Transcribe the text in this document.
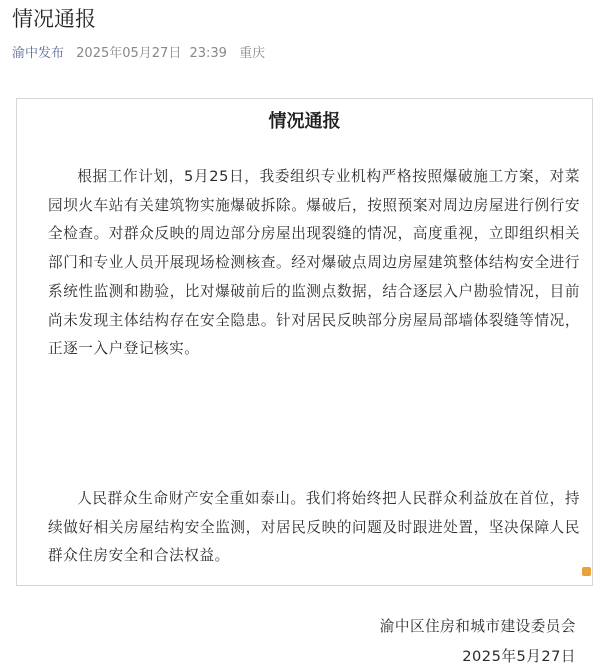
情况通报
渝中发布 2025年05月27日 23:39 重庆
情况通报

根据工作计划，5月25日，我委组织专业机构严格按照爆破施工方案，对菜园坝火车站有关建筑物实施爆破拆除。爆破后，按照预案对周边房屋进行例行安全检查。对群众反映的周边部分房屋出现裂缝的情况，高度重视，立即组织相关部门和专业人员开展现场检测核查。经对爆破点周边房屋建筑整体结构安全进行系统性监测和勘验，比对爆破前后的监测点数据，结合逐层入户勘验情况，目前尚未发现主体结构存在安全隐患。针对居民反映部分房屋局部墙体裂缝等情况，正逐一入户登记核实。

人民群众生命财产安全重如泰山。我们将始终把人民群众利益放在首位，持续做好相关房屋结构安全监测，对居民反映的问题及时跟进处置，坚决保障人民群众住房安全和合法权益。

渝中区住房和城市建设委员会
2025年5月27日
